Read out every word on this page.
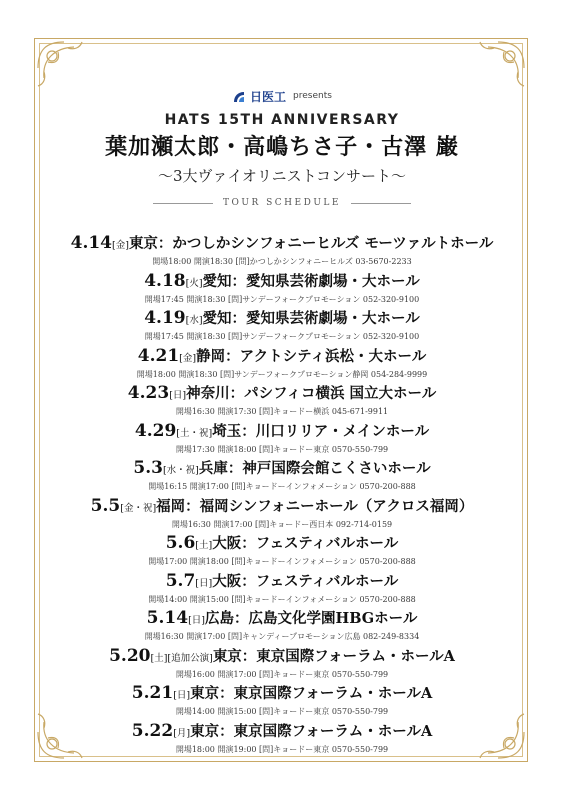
日医工 presents
HATS 15TH ANNIVERSARY
葉加瀬太郎・高嶋ちさ子・古澤 巌
〜3大ヴァイオリニストコンサート〜
TOUR SCHEDULE
4.14[金]東京：かつしかシンフォニーヒルズ モーツァルトホール
開場18:00 開演18:30 [問]かつしかシンフォニーヒルズ 03-5670-2233
4.18[火]愛知：愛知県芸術劇場・大ホール
開場17:45 開演18:30 [問]サンデーフォークプロモーション 052-320-9100
4.19[水]愛知：愛知県芸術劇場・大ホール
開場17:45 開演18:30 [問]サンデーフォークプロモーション 052-320-9100
4.21[金]静岡：アクトシティ浜松・大ホール
開場18:00 開演18:30 [問]サンデーフォークプロモーション静岡 054-284-9999
4.23[日]神奈川：パシフィコ横浜 国立大ホール
開場16:30 開演17:30 [問]キョードー横浜 045-671-9911
4.29[土・祝]埼玉：川口リリア・メインホール
開場17:30 開演18:00 [問]キョードー東京 0570-550-799
5.3[水・祝]兵庫：神戸国際会館こくさいホール
開場16:15 開演17:00 [問]キョードーインフォメーション 0570-200-888
5.5[金・祝]福岡：福岡シンフォニーホール（アクロス福岡）
開場16:30 開演17:00 [問]キョードー西日本 092-714-0159
5.6[土]大阪：フェスティバルホール
開場17:00 開演18:00 [問]キョードーインフォメーション 0570-200-888
5.7[日]大阪：フェスティバルホール
開場14:00 開演15:00 [問]キョードーインフォメーション 0570-200-888
5.14[日]広島：広島文化学園HBGホール
開場16:30 開演17:00 [問]キャンディープロモーション広島 082-249-8334
5.20[土][追加公演]東京：東京国際フォーラム・ホールA
開場16:00 開演17:00 [問]キョードー東京 0570-550-799
5.21[日]東京：東京国際フォーラム・ホールA
開場14:00 開演15:00 [問]キョードー東京 0570-550-799
5.22[月]東京：東京国際フォーラム・ホールA
開場18:00 開演19:00 [問]キョードー東京 0570-550-799
